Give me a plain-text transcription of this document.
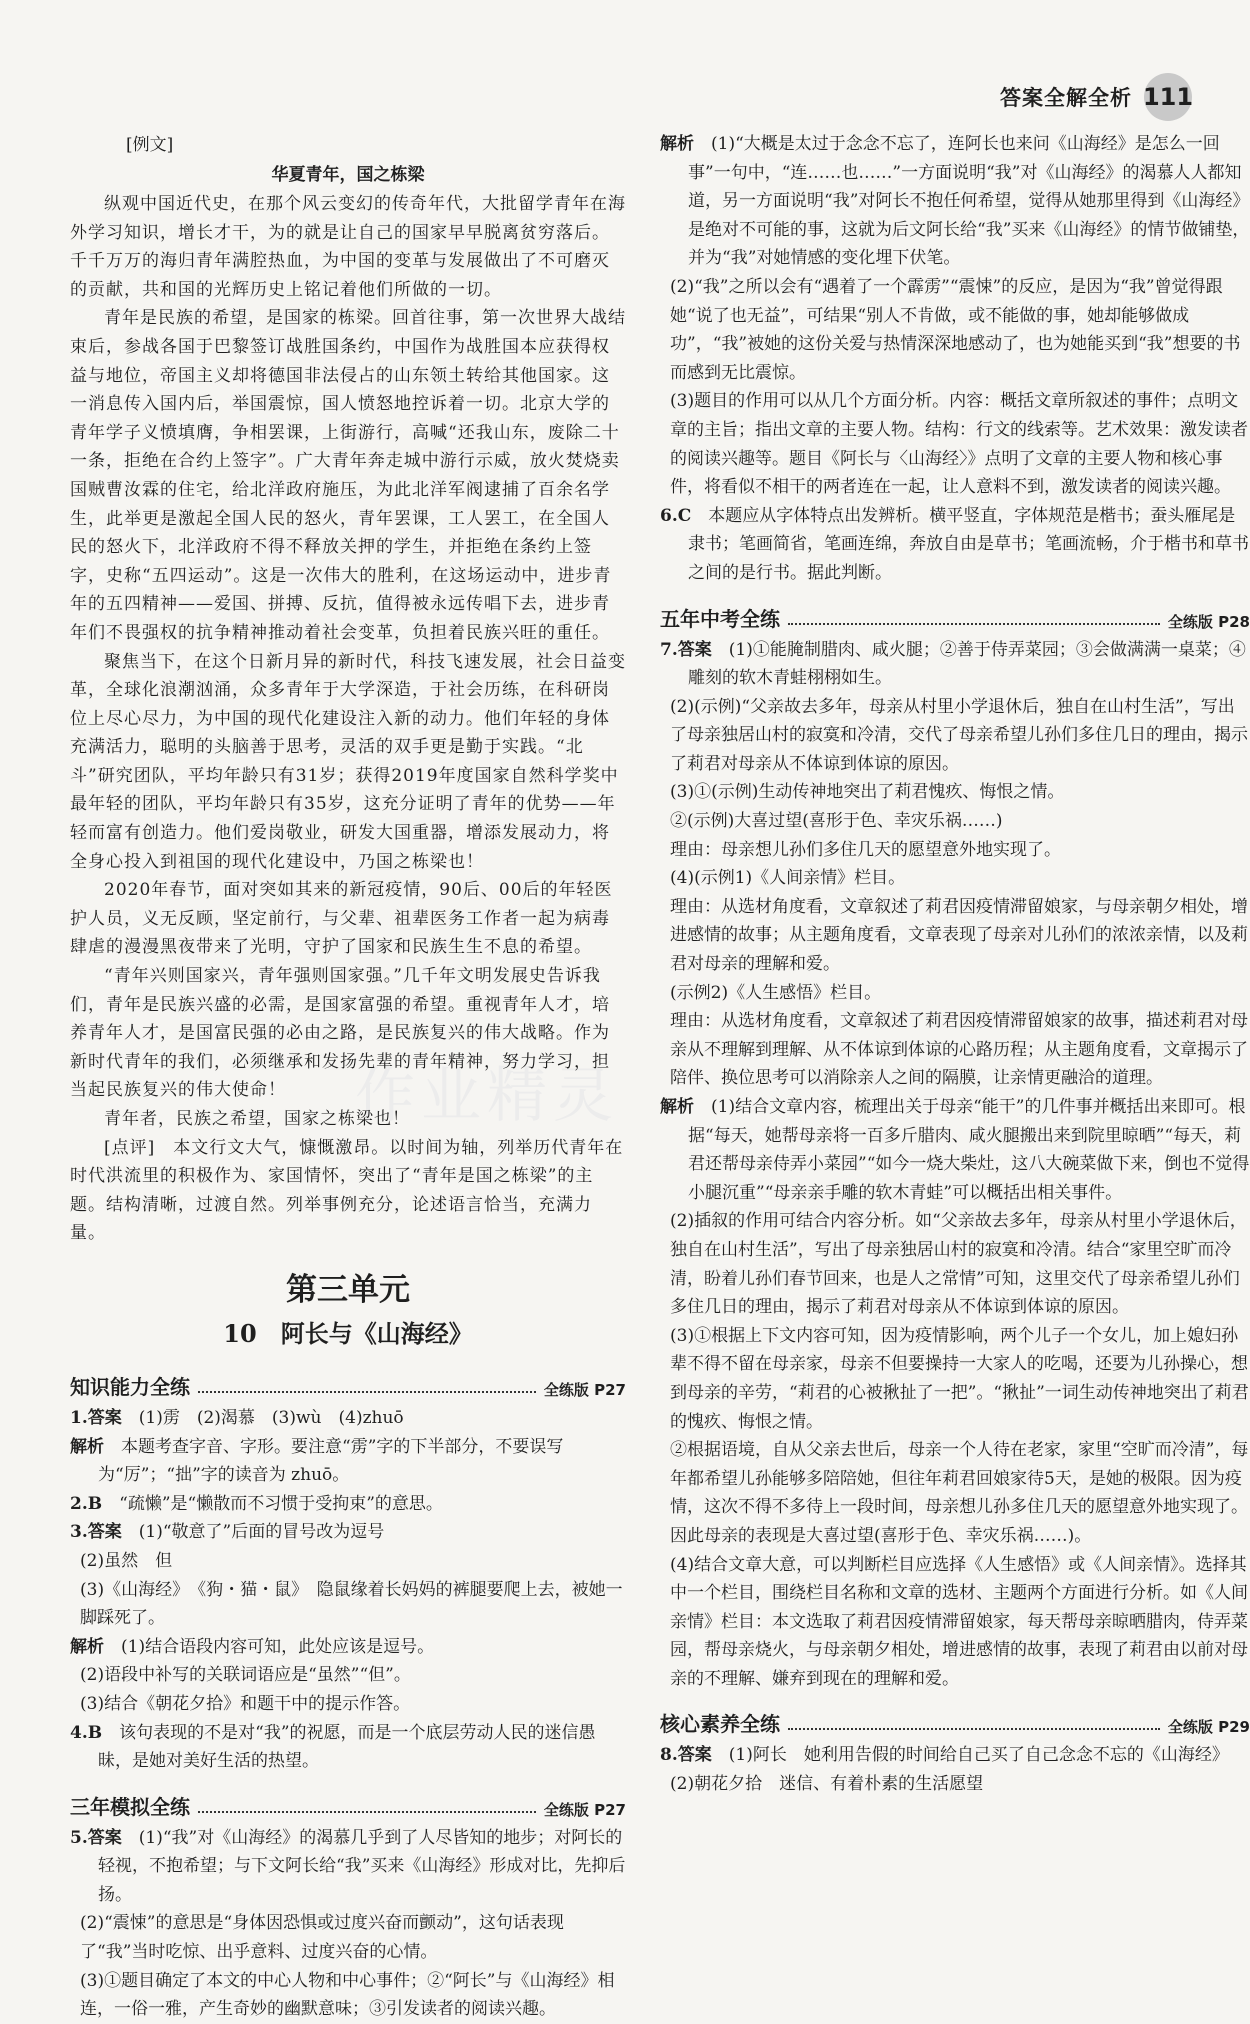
答案全解全析 111
作业精灵
[例文]
华夏青年，国之栋梁

纵观中国近代史，在那个风云变幻的传奇年代，大批留学青年在海外学习知识，增长才干，为的就是让自己的国家早早脱离贫穷落后。千千万万的海归青年满腔热血，为中国的变革与发展做出了不可磨灭的贡献，共和国的光辉历史上铭记着他们所做的一切。

青年是民族的希望，是国家的栋梁。回首往事，第一次世界大战结束后，参战各国于巴黎签订战胜国条约，中国作为战胜国本应获得权益与地位，帝国主义却将德国非法侵占的山东领土转给其他国家。这一消息传入国内后，举国震惊，国人愤怒地控诉着一切。北京大学的青年学子义愤填膺，争相罢课，上街游行，高喊“还我山东，废除二十一条，拒绝在合约上签字”。广大青年奔走城中游行示威，放火焚烧卖国贼曹汝霖的住宅，给北洋政府施压，为此北洋军阀逮捕了百余名学生，此举更是激起全国人民的怒火，青年罢课，工人罢工，在全国人民的怒火下，北洋政府不得不释放关押的学生，并拒绝在条约上签字，史称“五四运动”。这是一次伟大的胜利，在这场运动中，进步青年的五四精神——爱国、拼搏、反抗，值得被永远传唱下去，进步青年们不畏强权的抗争精神推动着社会变革，负担着民族兴旺的重任。

聚焦当下，在这个日新月异的新时代，科技飞速发展，社会日益变革，全球化浪潮汹涌，众多青年于大学深造，于社会历练，在科研岗位上尽心尽力，为中国的现代化建设注入新的动力。他们年轻的身体充满活力，聪明的头脑善于思考，灵活的双手更是勤于实践。“北斗”研究团队，平均年龄只有31岁；获得2019年度国家自然科学奖中最年轻的团队，平均年龄只有35岁，这充分证明了青年的优势——年轻而富有创造力。他们爱岗敬业，研发大国重器，增添发展动力，将全身心投入到祖国的现代化建设中，乃国之栋梁也！

2020年春节，面对突如其来的新冠疫情，90后、00后的年轻医护人员，义无反顾，坚定前行，与父辈、祖辈医务工作者一起为病毒肆虐的漫漫黑夜带来了光明，守护了国家和民族生生不息的希望。

“青年兴则国家兴，青年强则国家强。”几千年文明发展史告诉我们，青年是民族兴盛的必需，是国家富强的希望。重视青年人才，培养青年人才，是国富民强的必由之路，是民族复兴的伟大战略。作为新时代青年的我们，必须继承和发扬先辈的青年精神，努力学习，担当起民族复兴的伟大使命！

青年者，民族之希望，国家之栋梁也！

[点评]　 本文行文大气，慷慨激昂。以时间为轴，列举历代青年在时代洪流里的积极作为、家国情怀，突出了“青年是国之栋梁”的主题。结构清晰，过渡自然。列举事例充分，论述语言恰当，充满力量。

第三单元
10　阿长与《山海经》
知识能力全练	全练版 P27

1.答案　(1)雳　(2)渴慕　(3)wù　(4)zhuō

解析　本题考查字音、字形。要注意“雳”字的下半部分，不要误写为“厉”；“拙”字的读音为 zhuō。

2.B　“疏懒”是“懒散而不习惯于受拘束”的意思。

3.答案　(1)“敬意了”后面的冒号改为逗号

(2)虽然　但

(3)《山海经》　《狗・猫・鼠》　隐鼠缘着长妈妈的裤腿要爬上去，被她一脚踩死了。

解析　(1)结合语段内容可知，此处应该是逗号。

(2)语段中补写的关联词语应是“虽然”“但”。

(3)结合《朝花夕拾》和题干中的提示作答。

4.B　该句表现的不是对“我”的祝愿，而是一个底层劳动人民的迷信愚昧，是她对美好生活的热望。

三年模拟全练	全练版 P27

5.答案　(1)“我”对《山海经》的渴慕几乎到了人尽皆知的地步；对阿长的轻视，不抱希望；与下文阿长给“我”买来《山海经》形成对比，先抑后扬。

(2)“震悚”的意思是“身体因恐惧或过度兴奋而颤动”，这句话表现了“我”当时吃惊、出乎意料、过度兴奋的心情。

(3)①题目确定了本文的中心人物和中心事件；②“阿长”与《山海经》相连，一俗一雅，产生奇妙的幽默意味；③引发读者的阅读兴趣。

解析　(1)“大概是太过于念念不忘了，连阿长也来问《山海经》是怎么一回事”一句中，“连……也……”一方面说明“我”对《山海经》的渴慕人人都知道，另一方面说明“我”对阿长不抱任何希望，觉得从她那里得到《山海经》是绝对不可能的事，这就为后文阿长给“我”买来《山海经》的情节做铺垫，并为“我”对她情感的变化埋下伏笔。

(2)“我”之所以会有“遇着了一个霹雳”“震悚”的反应，是因为“我”曾觉得跟她“说了也无益”，可结果“别人不肯做，或不能做的事，她却能够做成功”，“我”被她的这份关爱与热情深深地感动了，也为她能买到“我”想要的书而感到无比震惊。

(3)题目的作用可以从几个方面分析。内容：概括文章所叙述的事件；点明文章的主旨；指出文章的主要人物。结构：行文的线索等。艺术效果：激发读者的阅读兴趣等。题目《阿长与〈山海经〉》点明了文章的主要人物和核心事件，将看似不相干的两者连在一起，让人意料不到，激发读者的阅读兴趣。

6.C　本题应从字体特点出发辨析。横平竖直，字体规范是楷书；蚕头雁尾是隶书；笔画简省，笔画连绵，奔放自由是草书；笔画流畅，介于楷书和草书之间的是行书。据此判断。

五年中考全练	全练版 P28

7.答案　(1)①能腌制腊肉、咸火腿；②善于侍弄菜园；③会做满满一桌菜；④雕刻的软木青蛙栩栩如生。

(2)(示例)“父亲故去多年，母亲从村里小学退休后，独自在山村生活”，写出了母亲独居山村的寂寞和冷清，交代了母亲希望儿孙们多住几日的理由，揭示了莉君对母亲从不体谅到体谅的原因。

(3)①(示例)生动传神地突出了莉君愧疚、悔恨之情。

②(示例)大喜过望(喜形于色、幸灾乐祸……)

理由：母亲想儿孙们多住几天的愿望意外地实现了。

(4)(示例1)《人间亲情》栏目。

理由：从选材角度看，文章叙述了莉君因疫情滞留娘家，与母亲朝夕相处，增进感情的故事；从主题角度看，文章表现了母亲对儿孙们的浓浓亲情，以及莉君对母亲的理解和爱。

(示例2)《人生感悟》栏目。

理由：从选材角度看，文章叙述了莉君因疫情滞留娘家的故事，描述莉君对母亲从不理解到理解、从不体谅到体谅的心路历程；从主题角度看，文章揭示了陪伴、换位思考可以消除亲人之间的隔膜，让亲情更融洽的道理。

解析　(1)结合文章内容，梳理出关于母亲“能干”的几件事并概括出来即可。根据“每天，她帮母亲将一百多斤腊肉、咸火腿搬出来到院里晾晒”“每天，莉君还帮母亲侍弄小菜园”“如今一烧大柴灶，这八大碗菜做下来，倒也不觉得小腿沉重”“母亲亲手雕的软木青蛙”可以概括出相关事件。

(2)插叙的作用可结合内容分析。如“父亲故去多年，母亲从村里小学退休后，独自在山村生活”，写出了母亲独居山村的寂寞和冷清。结合“家里空旷而冷清，盼着儿孙们春节回来，也是人之常情”可知，这里交代了母亲希望儿孙们多住几日的理由，揭示了莉君对母亲从不体谅到体谅的原因。

(3)①根据上下文内容可知，因为疫情影响，两个儿子一个女儿，加上媳妇孙辈不得不留在母亲家，母亲不但要操持一大家人的吃喝，还要为儿孙操心，想到母亲的辛劳，“莉君的心被揪扯了一把”。“揪扯”一词生动传神地突出了莉君的愧疚、悔恨之情。

②根据语境，自从父亲去世后，母亲一个人待在老家，家里“空旷而冷清”，每年都希望儿孙能够多陪陪她，但往年莉君回娘家待5天，是她的极限。因为疫情，这次不得不多待上一段时间，母亲想儿孙多住几天的愿望意外地实现了。因此母亲的表现是大喜过望(喜形于色、幸灾乐祸……)。

(4)结合文章大意，可以判断栏目应选择《人生感悟》或《人间亲情》。选择其中一个栏目，围绕栏目名称和文章的选材、主题两个方面进行分析。如《人间亲情》栏目：本文选取了莉君因疫情滞留娘家，每天帮母亲晾晒腊肉，侍弄菜园，帮母亲烧火，与母亲朝夕相处，增进感情的故事，表现了莉君由以前对母亲的不理解、嫌弃到现在的理解和爱。

核心素养全练	全练版 P29

8.答案　(1)阿长　她利用告假的时间给自己买了自己念念不忘的《山海经》

(2)朝花夕拾　迷信、有着朴素的生活愿望
